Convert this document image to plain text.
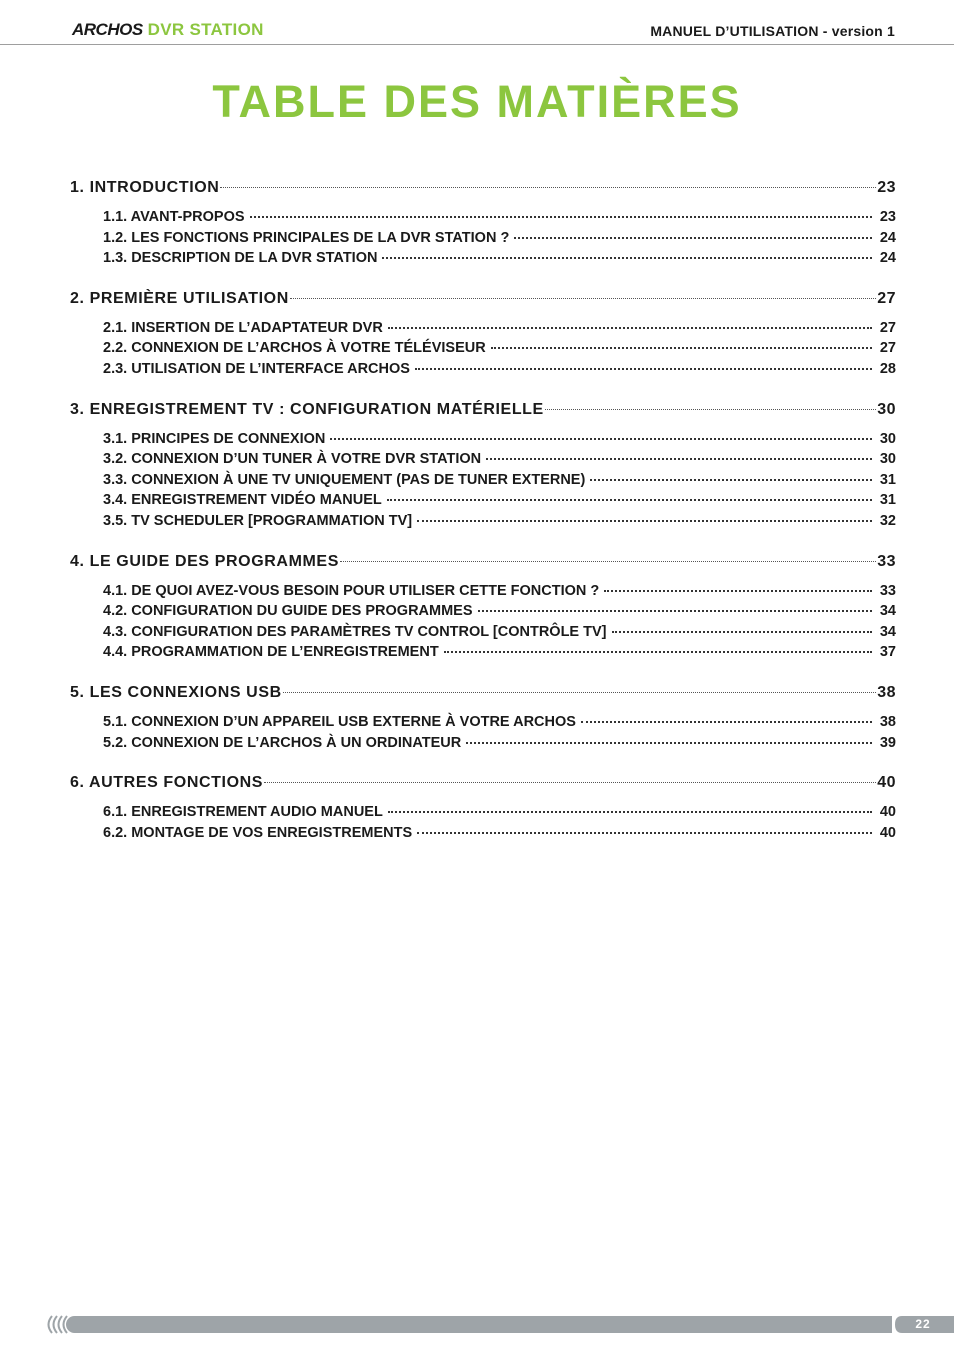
ARCHOS DVR STATION	MANUEL D’UTILISATION - version 1
TABLE DES MATIÈRES
1. INTRODUCTION	23
1.1. AVANT-PROPOS	23
1.2. LES FONCTIONS PRINCIPALES DE LA DVR STATION ?	24
1.3. DESCRIPTION DE LA DVR STATION	24
2. PREMIÈRE UTILISATION	27
2.1. INSERTION DE L’ADAPTATEUR DVR	27
2.2. CONNEXION DE L’ARCHOS À VOTRE TÉLÉVISEUR	27
2.3. UTILISATION DE L’INTERFACE ARCHOS	28
3. ENREGISTREMENT TV : CONFIGURATION MATÉRIELLE	30
3.1. PRINCIPES DE CONNEXION	30
3.2. CONNEXION D’UN TUNER À VOTRE DVR STATION	30
3.3. CONNEXION À UNE TV UNIQUEMENT (PAS DE TUNER EXTERNE)	31
3.4. ENREGISTREMENT VIDÉO MANUEL	31
3.5. TV SCHEDULER [PROGRAMMATION TV]	32
4. LE GUIDE DES PROGRAMMES	33
4.1. DE QUOI AVEZ-VOUS BESOIN POUR UTILISER CETTE FONCTION ?	33
4.2. CONFIGURATION DU GUIDE DES PROGRAMMES	34
4.3. CONFIGURATION DES PARAMÈTRES TV CONTROL [CONTRÔLE TV]	34
4.4. PROGRAMMATION DE L’ENREGISTREMENT	37
5. LES CONNEXIONS USB	38
5.1. CONNEXION D’UN APPAREIL USB EXTERNE À VOTRE ARCHOS	38
5.2. CONNEXION DE L’ARCHOS À UN ORDINATEUR	39
6. AUTRES FONCTIONS	40
6.1. ENREGISTREMENT AUDIO MANUEL	40
6.2. MONTAGE DE VOS ENREGISTREMENTS	40
22
